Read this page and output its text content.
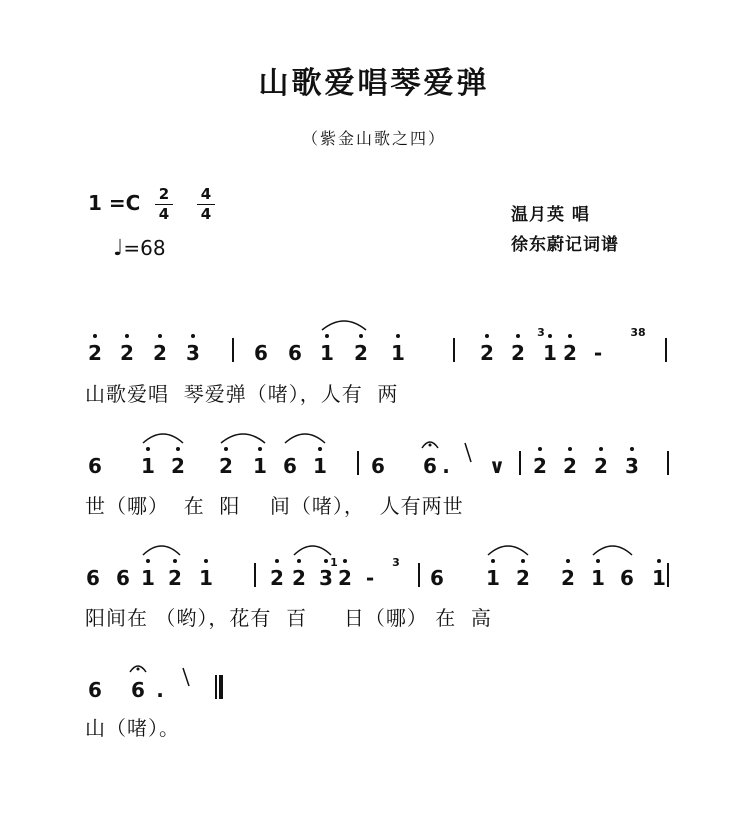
山歌爱唱琴爱弹
（紫金山歌之四）
1 =C 2
4
4
4
♩=68
温月英 唱
徐东蔚记词谱
2 2 2 3	6 6 1 2 1	2 2 1 2 -
3	38
6 1 2 2 1 6 1 6 6 . ∨ 2 2 2 3
6 6 1 2 1	2 2 3 2 -	6 1 2 2 1 6 1
1	3
6 6 .
山歌爱唱  琴爱弹（啫），人有  两
世（哪）  在  阳    间（啫），  人有两世
阳间在 （哟），花有  百     日（哪） 在  高
山（啫）。
